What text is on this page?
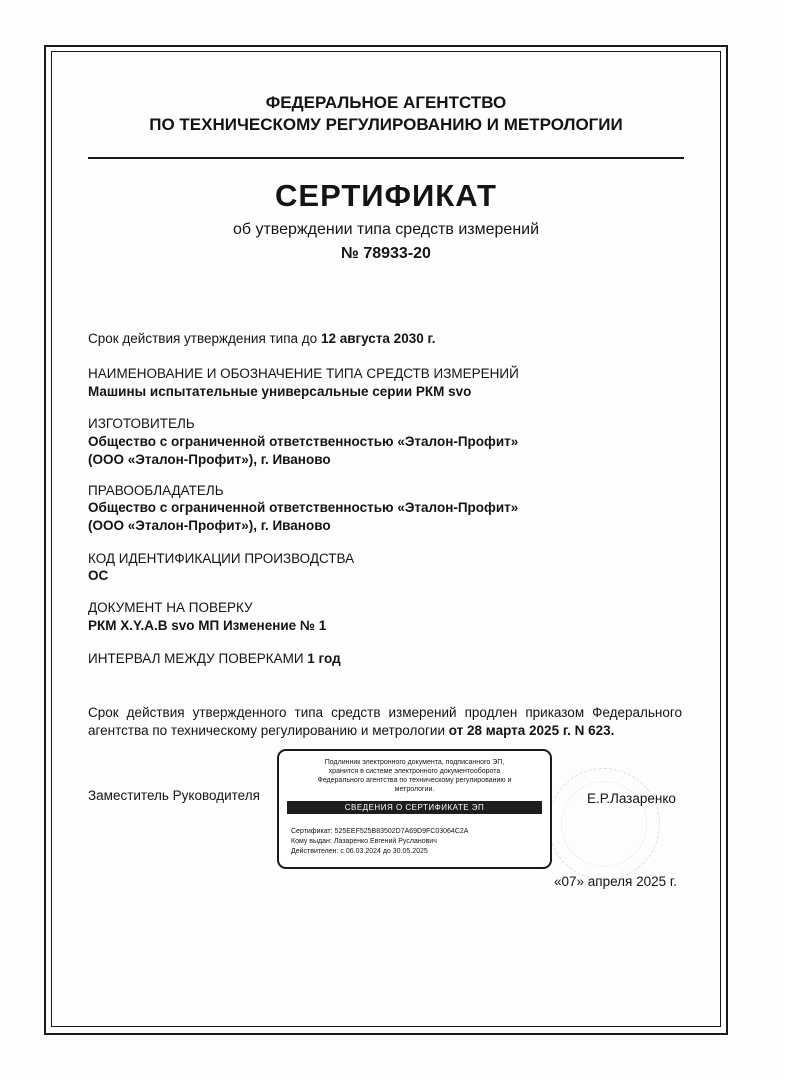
ФЕДЕРАЛЬНОЕ АГЕНТСТВО
ПО ТЕХНИЧЕСКОМУ РЕГУЛИРОВАНИЮ И МЕТРОЛОГИИ
СЕРТИФИКАТ
об утверждении типа средств измерений
№ 78933-20
Срок действия утверждения типа до 12 августа 2030 г.
НАИМЕНОВАНИЕ И ОБОЗНАЧЕНИЕ ТИПА СРЕДСТВ ИЗМЕРЕНИЙ
Машины испытательные универсальные серии РКМ svo
ИЗГОТОВИТЕЛЬ
Общество с ограниченной ответственностью «Эталон-Профит»
(ООО «Эталон-Профит»), г. Иваново
ПРАВООБЛАДАТЕЛЬ
Общество с ограниченной ответственностью «Эталон-Профит»
(ООО «Эталон-Профит»), г. Иваново
КОД ИДЕНТИФИКАЦИИ ПРОИЗВОДСТВА
ОС
ДОКУМЕНТ НА ПОВЕРКУ
РКМ X.Y.A.B svo МП Изменение № 1
ИНТЕРВАЛ МЕЖДУ ПОВЕРКАМИ 1 год
Срок действия утвержденного типа средств измерений продлен приказом Федерального агентства по техническому регулированию и метрологии от 28 марта 2025 г. N 623.
Заместитель Руководителя	Е.Р.Лазаренко
Подлинник электронного документа, подписанного ЭП,
хранится в системе электронного документооборота
Федерального агентства по техническому регулированию и
метрологии.
СВЕДЕНИЯ О СЕРТИФИКАТЕ ЭП
Сертификат: 525EEF525B83502D7A69D9FC03064C2A
Кому выдан: Лазаренко Евгений Русланович
Действителен: с 06.03.2024 до 30.05.2025
«07» апреля 2025 г.
